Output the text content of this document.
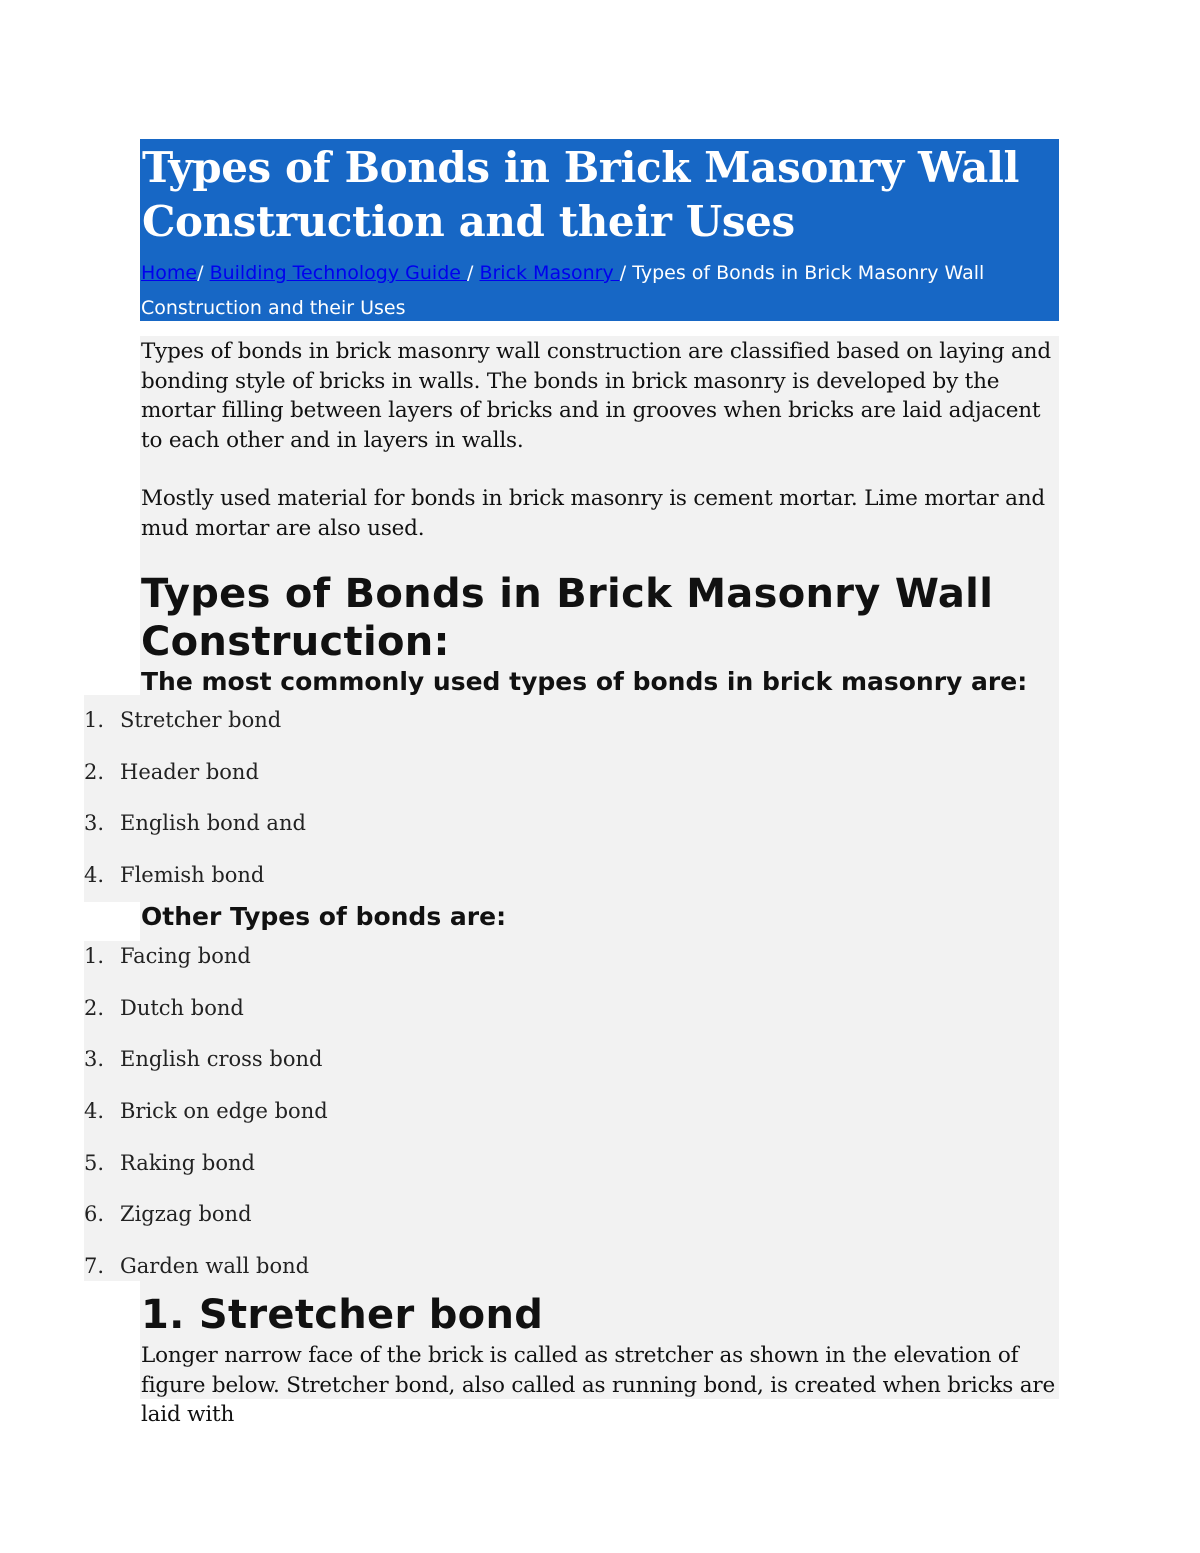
Types of Bonds in Brick Masonry Wall Construction and their Uses
Home/ Building Technology Guide / Brick Masonry / Types of Bonds in Brick Masonry Wall Construction and their Uses

Types of bonds in brick masonry wall construction are classified based on laying and bonding style of bricks in walls. The bonds in brick masonry is developed by the mortar filling between layers of bricks and in grooves when bricks are laid adjacent to each other and in layers in walls.

Mostly used material for bonds in brick masonry is cement mortar. Lime mortar and mud mortar are also used.

Types of Bonds in Brick Masonry Wall Construction:
The most commonly used types of bonds in brick masonry are:
1. Stretcher bond
2. Header bond
3. English bond and
4. Flemish bond
Other Types of bonds are:
1. Facing bond
2. Dutch bond
3. English cross bond
4. Brick on edge bond
5. Raking bond
6. Zigzag bond
7. Garden wall bond
1. Stretcher bond

Longer narrow face of the brick is called as stretcher as shown in the elevation of figure below. Stretcher bond, also called as running bond, is created when bricks are laid with
